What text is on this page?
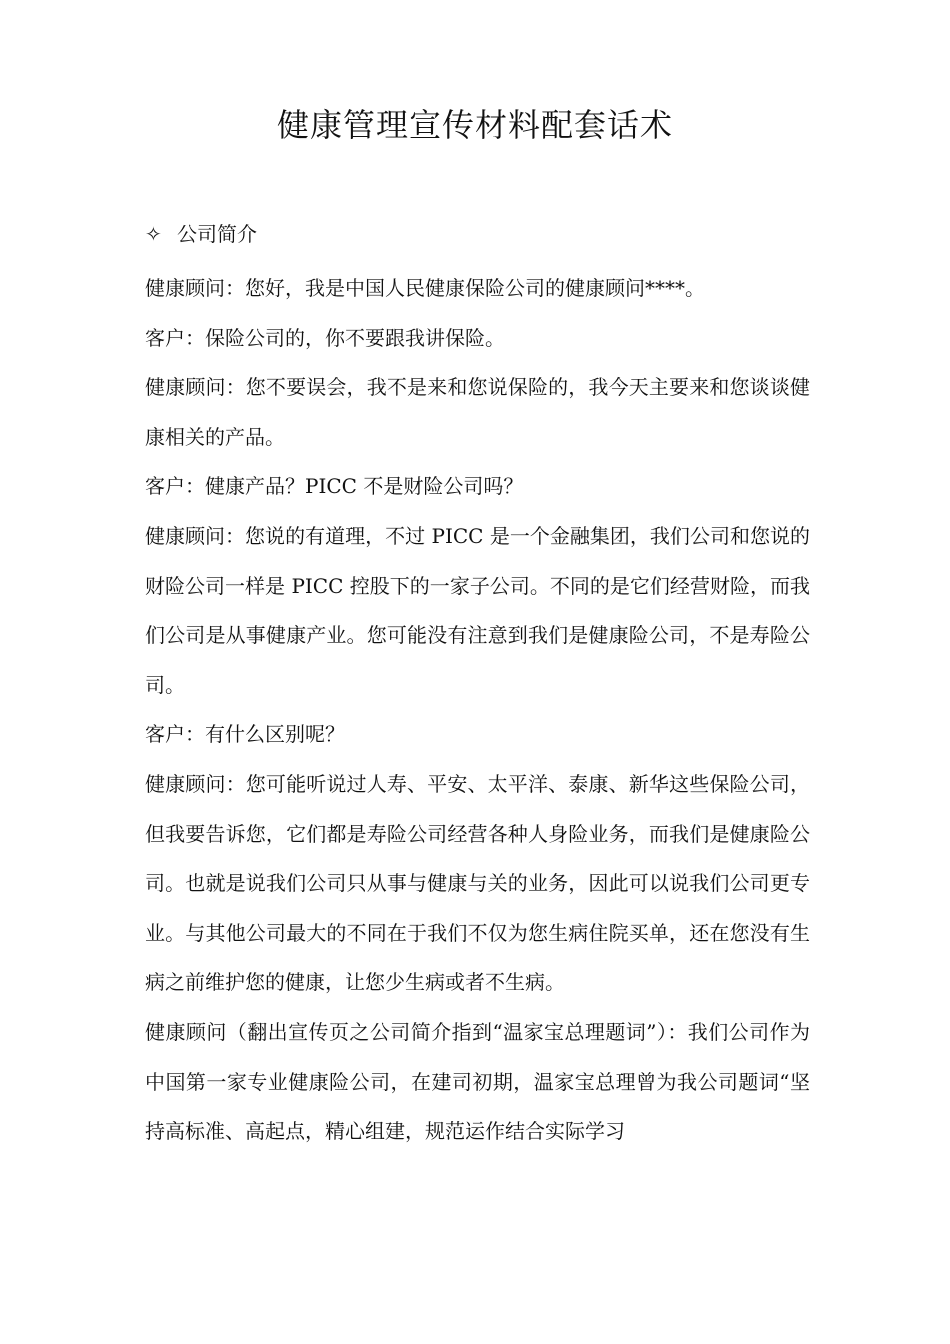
健康管理宣传材料配套话术
✧ 公司简介

健康顾问：您好，我是中国人民健康保险公司的健康顾问****。

客户：保险公司的，你不要跟我讲保险。

健康顾问：您不要误会，我不是来和您说保险的，我今天主要来和您谈谈健康相关的产品。

客户：健康产品？PICC 不是财险公司吗？

健康顾问：您说的有道理，不过 PICC 是一个金融集团，我们公司和您说的财险公司一样是 PICC 控股下的一家子公司。不同的是它们经营财险，而我们公司是从事健康产业。您可能没有注意到我们是健康险公司，不是寿险公司。

客户：有什么区别呢？

健康顾问：您可能听说过人寿、平安、太平洋、泰康、新华这些保险公司，但我要告诉您，它们都是寿险公司经营各种人身险业务，而我们是健康险公司。也就是说我们公司只从事与健康与关的业务，因此可以说我们公司更专业。与其他公司最大的不同在于我们不仅为您生病住院买单，还在您没有生病之前维护您的健康，让您少生病或者不生病。

健康顾问（翻出宣传页之公司简介指到“温家宝总理题词”）：我们公司作为中国第一家专业健康险公司，在建司初期，温家宝总理曾为我公司题词“坚持高标准、高起点，精心组建，规范运作结合实际学习
